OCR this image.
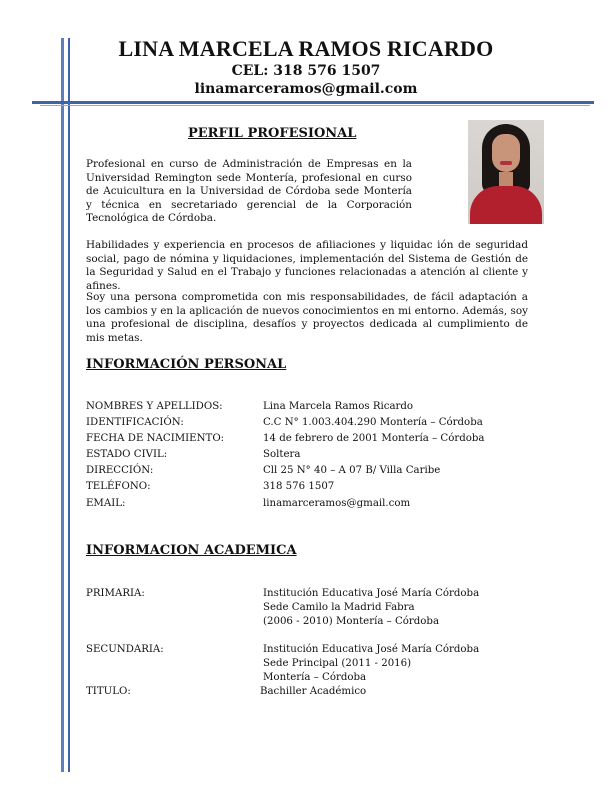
LINA MARCELA RAMOS RICARDO
CEL: 318 576 1507
linamarceramos@gmail.com
PERFIL PROFESIONAL
Profesional en curso de Administración de Empresas en la Universidad Remington sede Montería, profesional en curso de Acuicultura en la Universidad de Córdoba sede Montería y técnica en secretariado gerencial de la Corporación Tecnológica de Córdoba.
Habilidades y experiencia en procesos de afiliaciones y liquidac ión de seguridad social, pago de nómina y liquidaciones, implementación del Sistema de Gestión de la Seguridad y Salud en el Trabajo y funciones relacionadas a atención al cliente y afines.
Soy una persona comprometida con mis responsabilidades, de fácil adaptación a los cambios y en la aplicación de nuevos conocimientos en mi entorno. Además, soy una profesional de disciplina, desafíos y proyectos dedicada al cumplimiento de mis metas.
INFORMACIÓN PERSONAL
NOMBRES Y APELLIDOS:	Lina Marcela Ramos Ricardo
IDENTIFICACIÓN:	C.C N° 1.003.404.290 Montería – Córdoba
FECHA DE NACIMIENTO:	14 de febrero de 2001 Montería – Córdoba
ESTADO CIVIL:	Soltera
DIRECCIÓN:	Cll 25 N° 40 – A 07 B/ Villa Caribe
TELÉFONO:	318 576 1507
EMAIL:	linamarceramos@gmail.com
INFORMACION ACADEMICA
PRIMARIA:	Institución Educativa José María Córdoba
Sede Camilo la Madrid Fabra
(2006 - 2010) Montería – Córdoba
SECUNDARIA:	Institución Educativa José María Córdoba
Sede Principal (2011 - 2016)
Montería – Córdoba
TITULO:	Bachiller Académico
